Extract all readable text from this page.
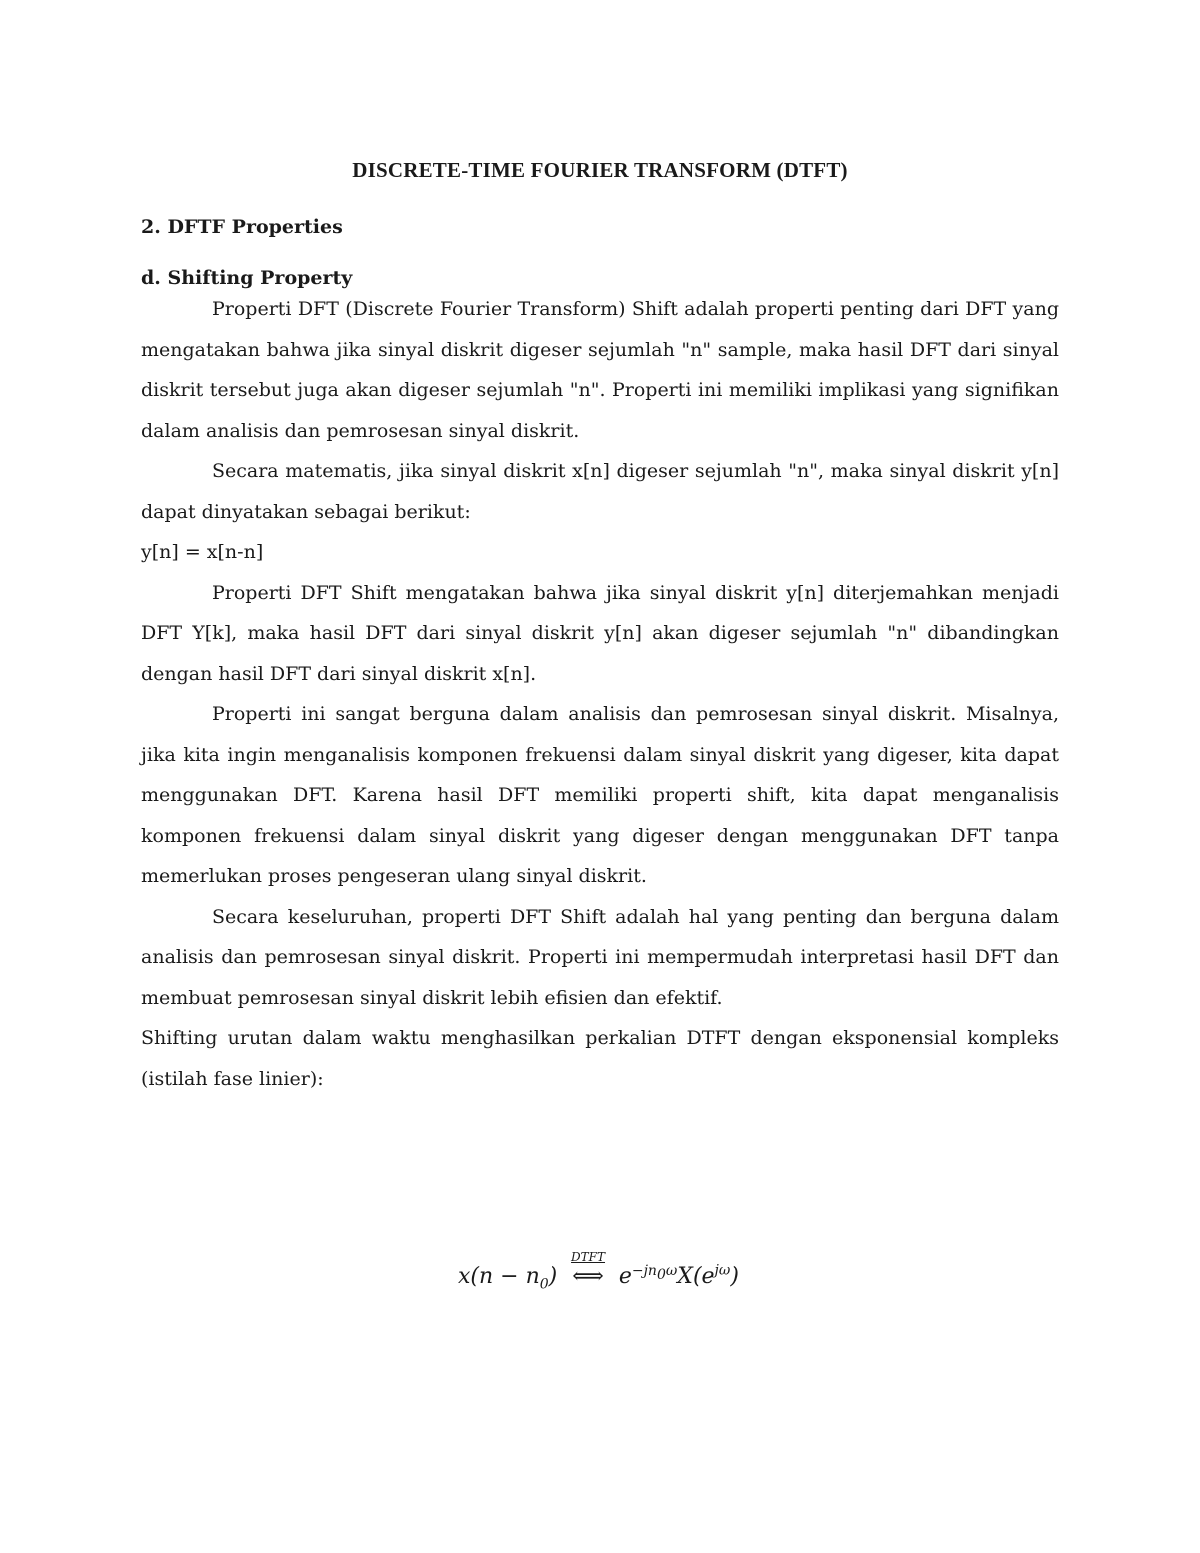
DISCRETE-TIME FOURIER TRANSFORM (DTFT)
2. DFTF Properties
d. Shifting Property

Properti DFT (Discrete Fourier Transform) Shift adalah properti penting dari DFT yang mengatakan bahwa jika sinyal diskrit digeser sejumlah "n" sample, maka hasil DFT dari sinyal diskrit tersebut juga akan digeser sejumlah "n". Properti ini memiliki implikasi yang signifikan dalam analisis dan pemrosesan sinyal diskrit.

Secara matematis, jika sinyal diskrit x[n] digeser sejumlah "n", maka sinyal diskrit y[n] dapat dinyatakan sebagai berikut:

y[n] = x[n-n]

Properti DFT Shift mengatakan bahwa jika sinyal diskrit y[n] diterjemahkan menjadi DFT Y[k], maka hasil DFT dari sinyal diskrit y[n] akan digeser sejumlah "n" dibandingkan dengan hasil DFT dari sinyal diskrit x[n].

Properti ini sangat berguna dalam analisis dan pemrosesan sinyal diskrit. Misalnya, jika kita ingin menganalisis komponen frekuensi dalam sinyal diskrit yang digeser, kita dapat menggunakan DFT. Karena hasil DFT memiliki properti shift, kita dapat menganalisis komponen frekuensi dalam sinyal diskrit yang digeser dengan menggunakan DFT tanpa memerlukan proses pengeseran ulang sinyal diskrit.

Secara keseluruhan, properti DFT Shift adalah hal yang penting dan berguna dalam analisis dan pemrosesan sinyal diskrit. Properti ini mempermudah interpretasi hasil DFT dan membuat pemrosesan sinyal diskrit lebih efisien dan efektif.

Shifting urutan dalam waktu menghasilkan perkalian DTFT dengan eksponensial kompleks (istilah fase linier):

$x(n - n_0)$
DTFT
⟺ $e^{-jn_0\omega}X(e^{j\omega})$
